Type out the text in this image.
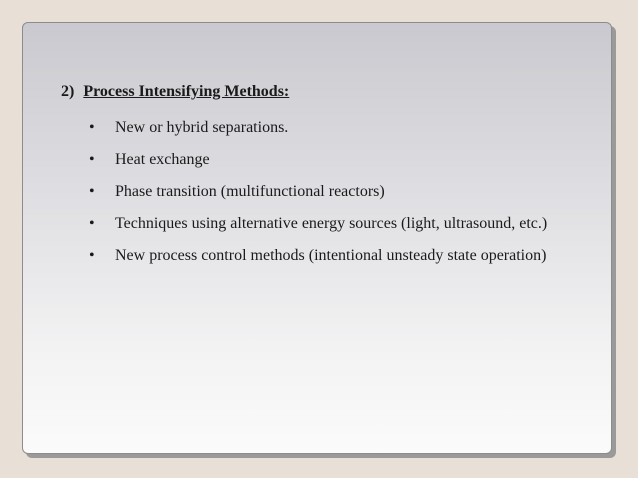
2) Process Intensifying Methods:
• New or hybrid separations.
• Heat exchange
• Phase transition (multifunctional reactors)
• Techniques using alternative energy sources (light, ultrasound, etc.)
• New process control methods (intentional unsteady state operation)
